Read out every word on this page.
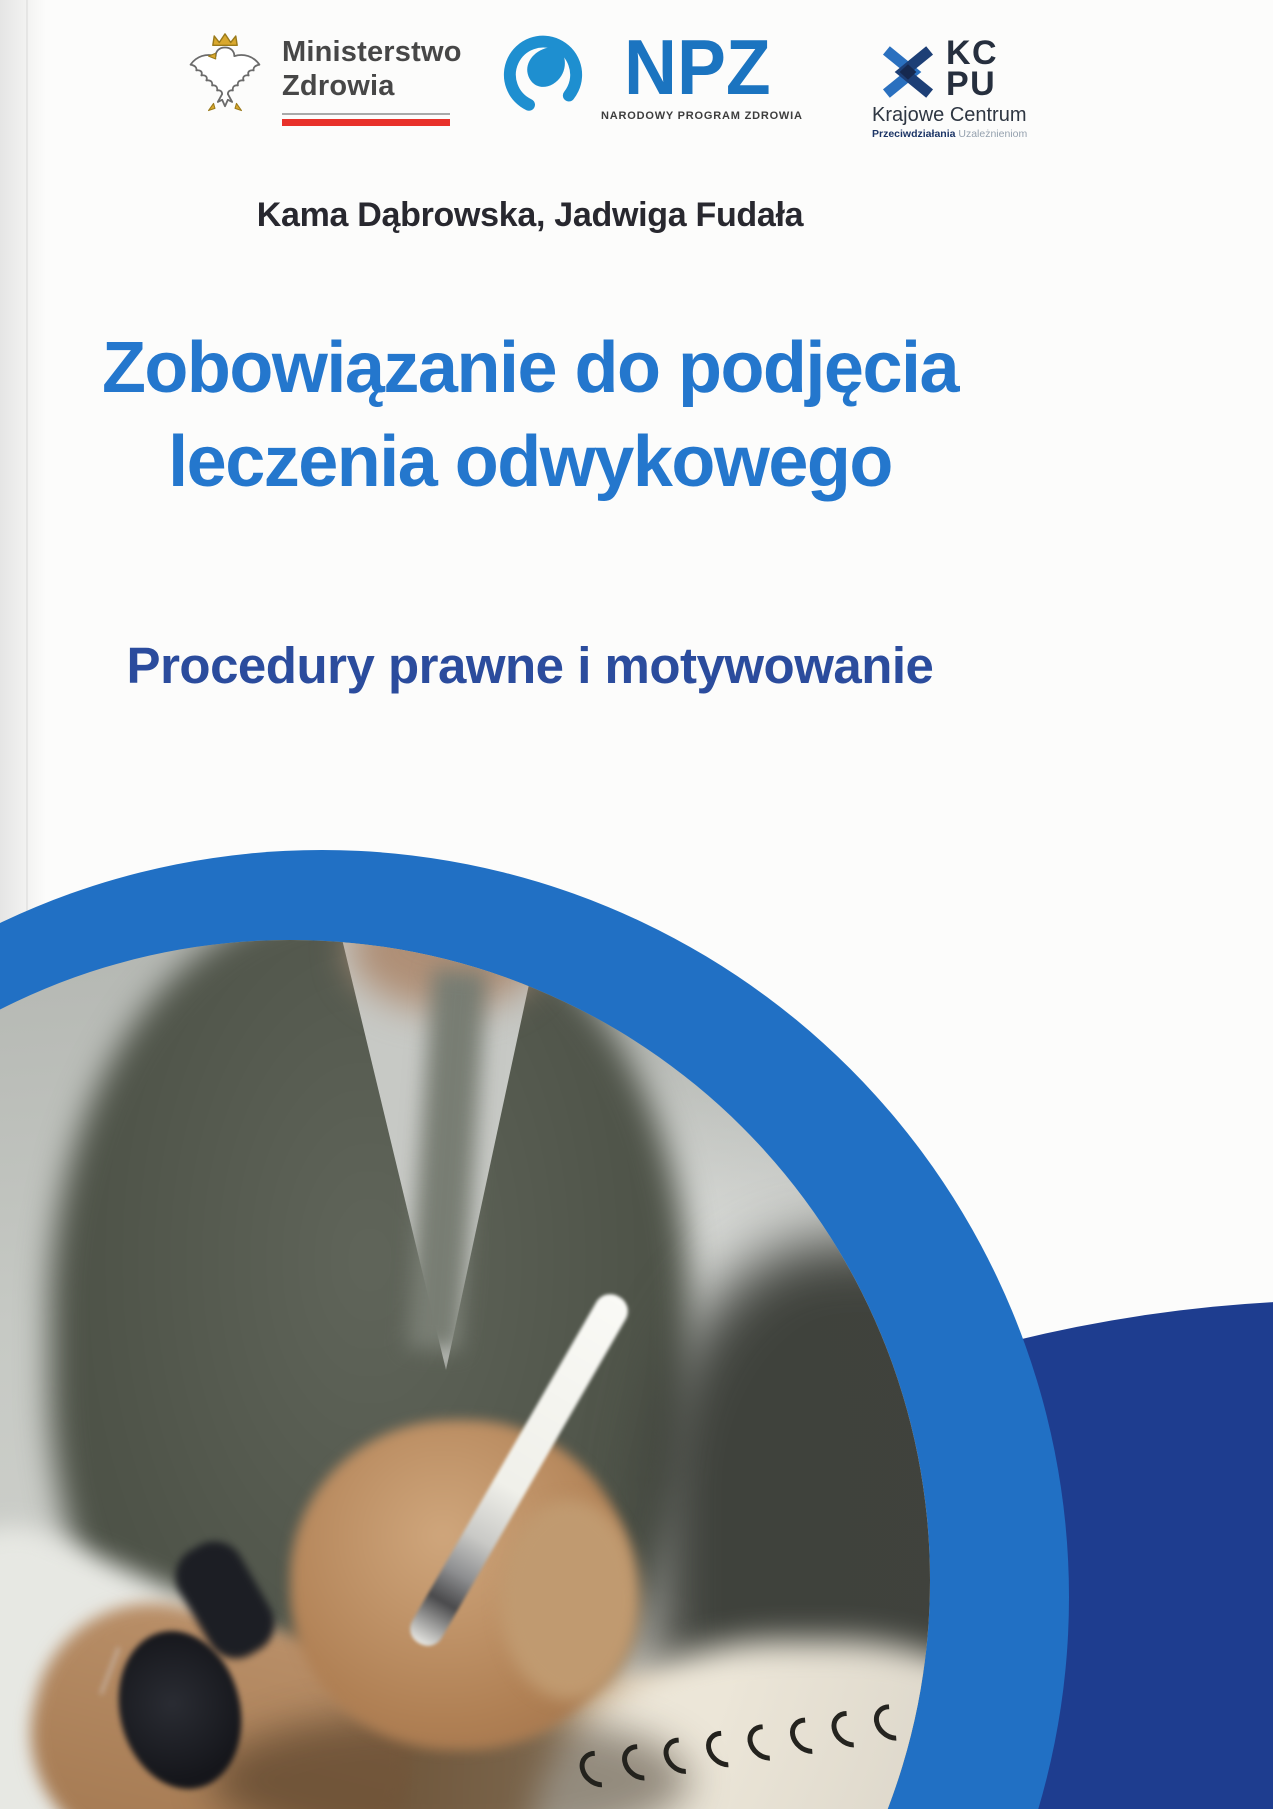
Ministerstwo
Zdrowia	NPZ
NARODOWY PROGRAM ZDROWIA
KC
PU
Krajowe Centrum
Przeciwdziałania Uzależnieniom
Kama Dąbrowska, Jadwiga Fudała
Zobowiązanie do podjęcia
leczenia odwykowego
Procedury prawne i motywowanie
